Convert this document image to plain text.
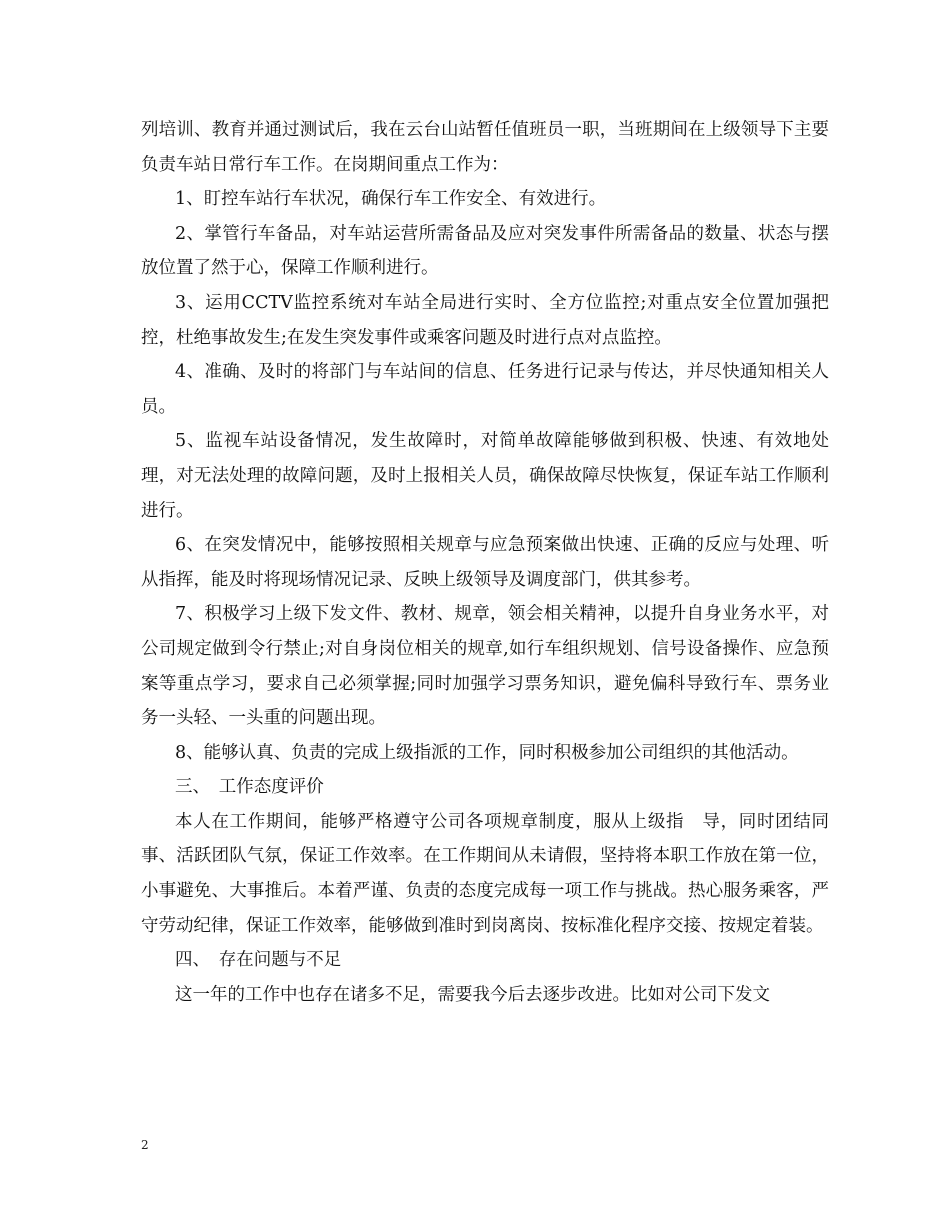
列培训、教育并通过测试后，我在云台山站暂任值班员一职，当班期间在上级领导下主要负责车站日常行车工作。在岗期间重点工作为：

1、盯控车站行车状况，确保行车工作安全、有效进行。

2、掌管行车备品，对车站运营所需备品及应对突发事件所需备品的数量、状态与摆放位置了然于心，保障工作顺利进行。

3、运用CCTV监控系统对车站全局进行实时、全方位监控;对重点安全位置加强把控，杜绝事故发生;在发生突发事件或乘客问题及时进行点对点监控。

4、准确、及时的将部门与车站间的信息、任务进行记录与传达，并尽快通知相关人员。

5、监视车站设备情况，发生故障时，对简单故障能够做到积极、快速、有效地处理，对无法处理的故障问题，及时上报相关人员，确保故障尽快恢复，保证车站工作顺利进行。

6、在突发情况中，能够按照相关规章与应急预案做出快速、正确的反应与处理、听从指挥，能及时将现场情况记录、反映上级领导及调度部门，供其参考。

7、积极学习上级下发文件、教材、规章，领会相关精神，以提升自身业务水平，对公司规定做到令行禁止;对自身岗位相关的规章,如行车组织规划、信号设备操作、应急预案等重点学习，要求自己必须掌握;同时加强学习票务知识，避免偏科导致行车、票务业务一头轻、一头重的问题出现。

8、能够认真、负责的完成上级指派的工作，同时积极参加公司组织的其他活动。

三、　工作态度评价

本人在工作期间，能够严格遵守公司各项规章制度，服从上级指　导，同时团结同事、活跃团队气氛，保证工作效率。在工作期间从未请假，坚持将本职工作放在第一位，小事避免、大事推后。本着严谨、负责的态度完成每一项工作与挑战。热心服务乘客，严守劳动纪律，保证工作效率，能够做到准时到岗离岗、按标准化程序交接、按规定着装。

四、　存在问题与不足

这一年的工作中也存在诸多不足，需要我今后去逐步改进。比如对公司下发文

2
